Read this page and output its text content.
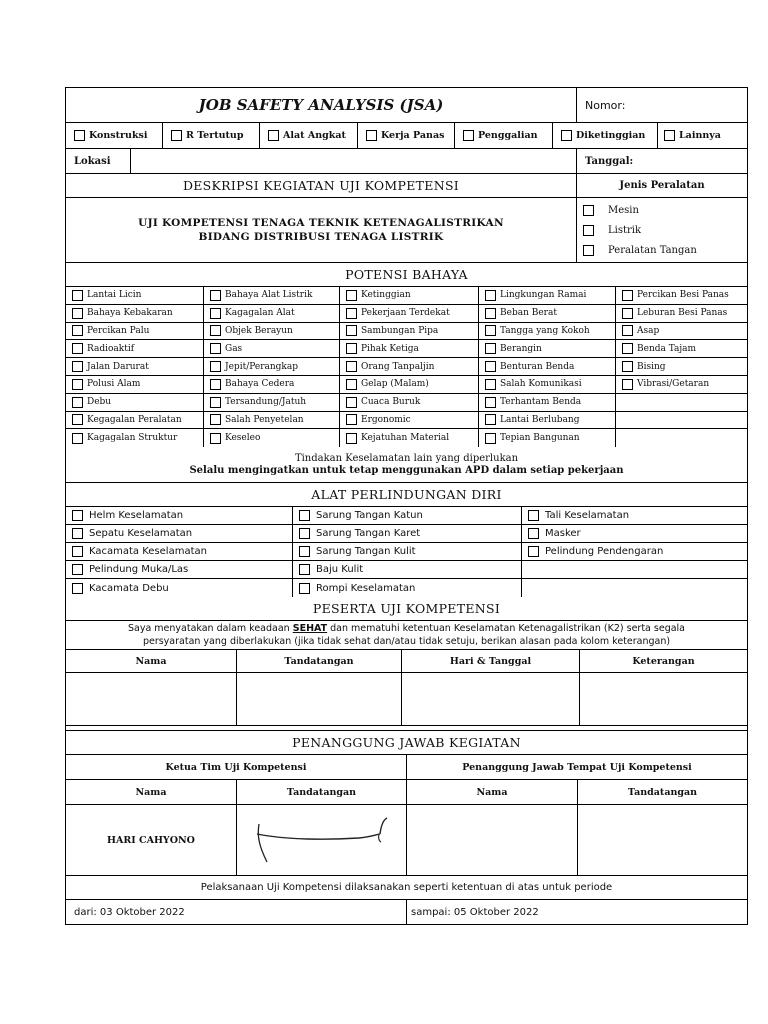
JOB SAFETY ANALYSIS (JSA)	Nomor:
Konstruksi	R Tertutup	Alat Angkat	Kerja Panas	Penggalian	Diketinggian	Lainnya
Lokasi	Tanggal:
DESKRIPSI KEGIATAN UJI KOMPETENSI
UJI KOMPETENSI TENAGA TEKNIK KETENAGALISTRIKAN
BIDANG DISTRIBUSI TENAGA LISTRIK
Jenis Peralatan
Mesin
Listrik
Peralatan Tangan
POTENSI BAHAYA
Lantai Licin	Bahaya Alat Listrik	Ketinggian	Lingkungan Ramai	Percikan Besi Panas
Bahaya Kebakaran	Kagagalan Alat	Pekerjaan Terdekat	Beban Berat	Leburan Besi Panas
Percikan Palu	Objek Berayun	Sambungan Pipa	Tangga yang Kokoh	Asap
Radioaktif	Gas	Pihak Ketiga	Berangin	Benda Tajam
Jalan Darurat	Jepit/Perangkap	Orang Tanpaljin	Benturan Benda	Bising
Polusi Alam	Bahaya Cedera	Gelap (Malam)	Salah Komunikasi	Vibrasi/Getaran
Debu	Tersandung/Jatuh	Cuaca Buruk	Terhantam Benda
Kegagalan Peralatan	Salah Penyetelan	Ergonomic	Lantai Berlubang
Kagagalan Struktur	Keseleo	Kejatuhan Material	Tepian Bangunan
Tindakan Keselamatan lain yang diperlukan
Selalu mengingatkan untuk tetap menggunakan APD dalam setiap pekerjaan
ALAT PERLINDUNGAN DIRI
Helm Keselamatan	Sarung Tangan Katun	Tali Keselamatan
Sepatu Keselamatan	Sarung Tangan Karet	Masker
Kacamata Keselamatan	Sarung Tangan Kulit	Pelindung Pendengaran
Pelindung Muka/Las	Baju Kulit
Kacamata Debu	Rompi Keselamatan
PESERTA UJI KOMPETENSI
Saya menyatakan dalam keadaan SEHAT dan mematuhi ketentuan Keselamatan Ketenagalistrikan (K2) serta segala
persyaratan yang diberlakukan (jika tidak sehat dan/atau tidak setuju, berikan alasan pada kolom keterangan)
Nama	Tandatangan	Hari & Tanggal	Keterangan
PENANGGUNG JAWAB KEGIATAN
Ketua Tim Uji Kompetensi	Penanggung Jawab Tempat Uji Kompetensi
Nama	Tandatangan	Nama	Tandatangan
HARI CAHYONO
Pelaksanaan Uji Kompetensi dilaksanakan seperti ketentuan di atas untuk periode
dari: 03 Oktober 2022	sampai: 05 Oktober 2022
